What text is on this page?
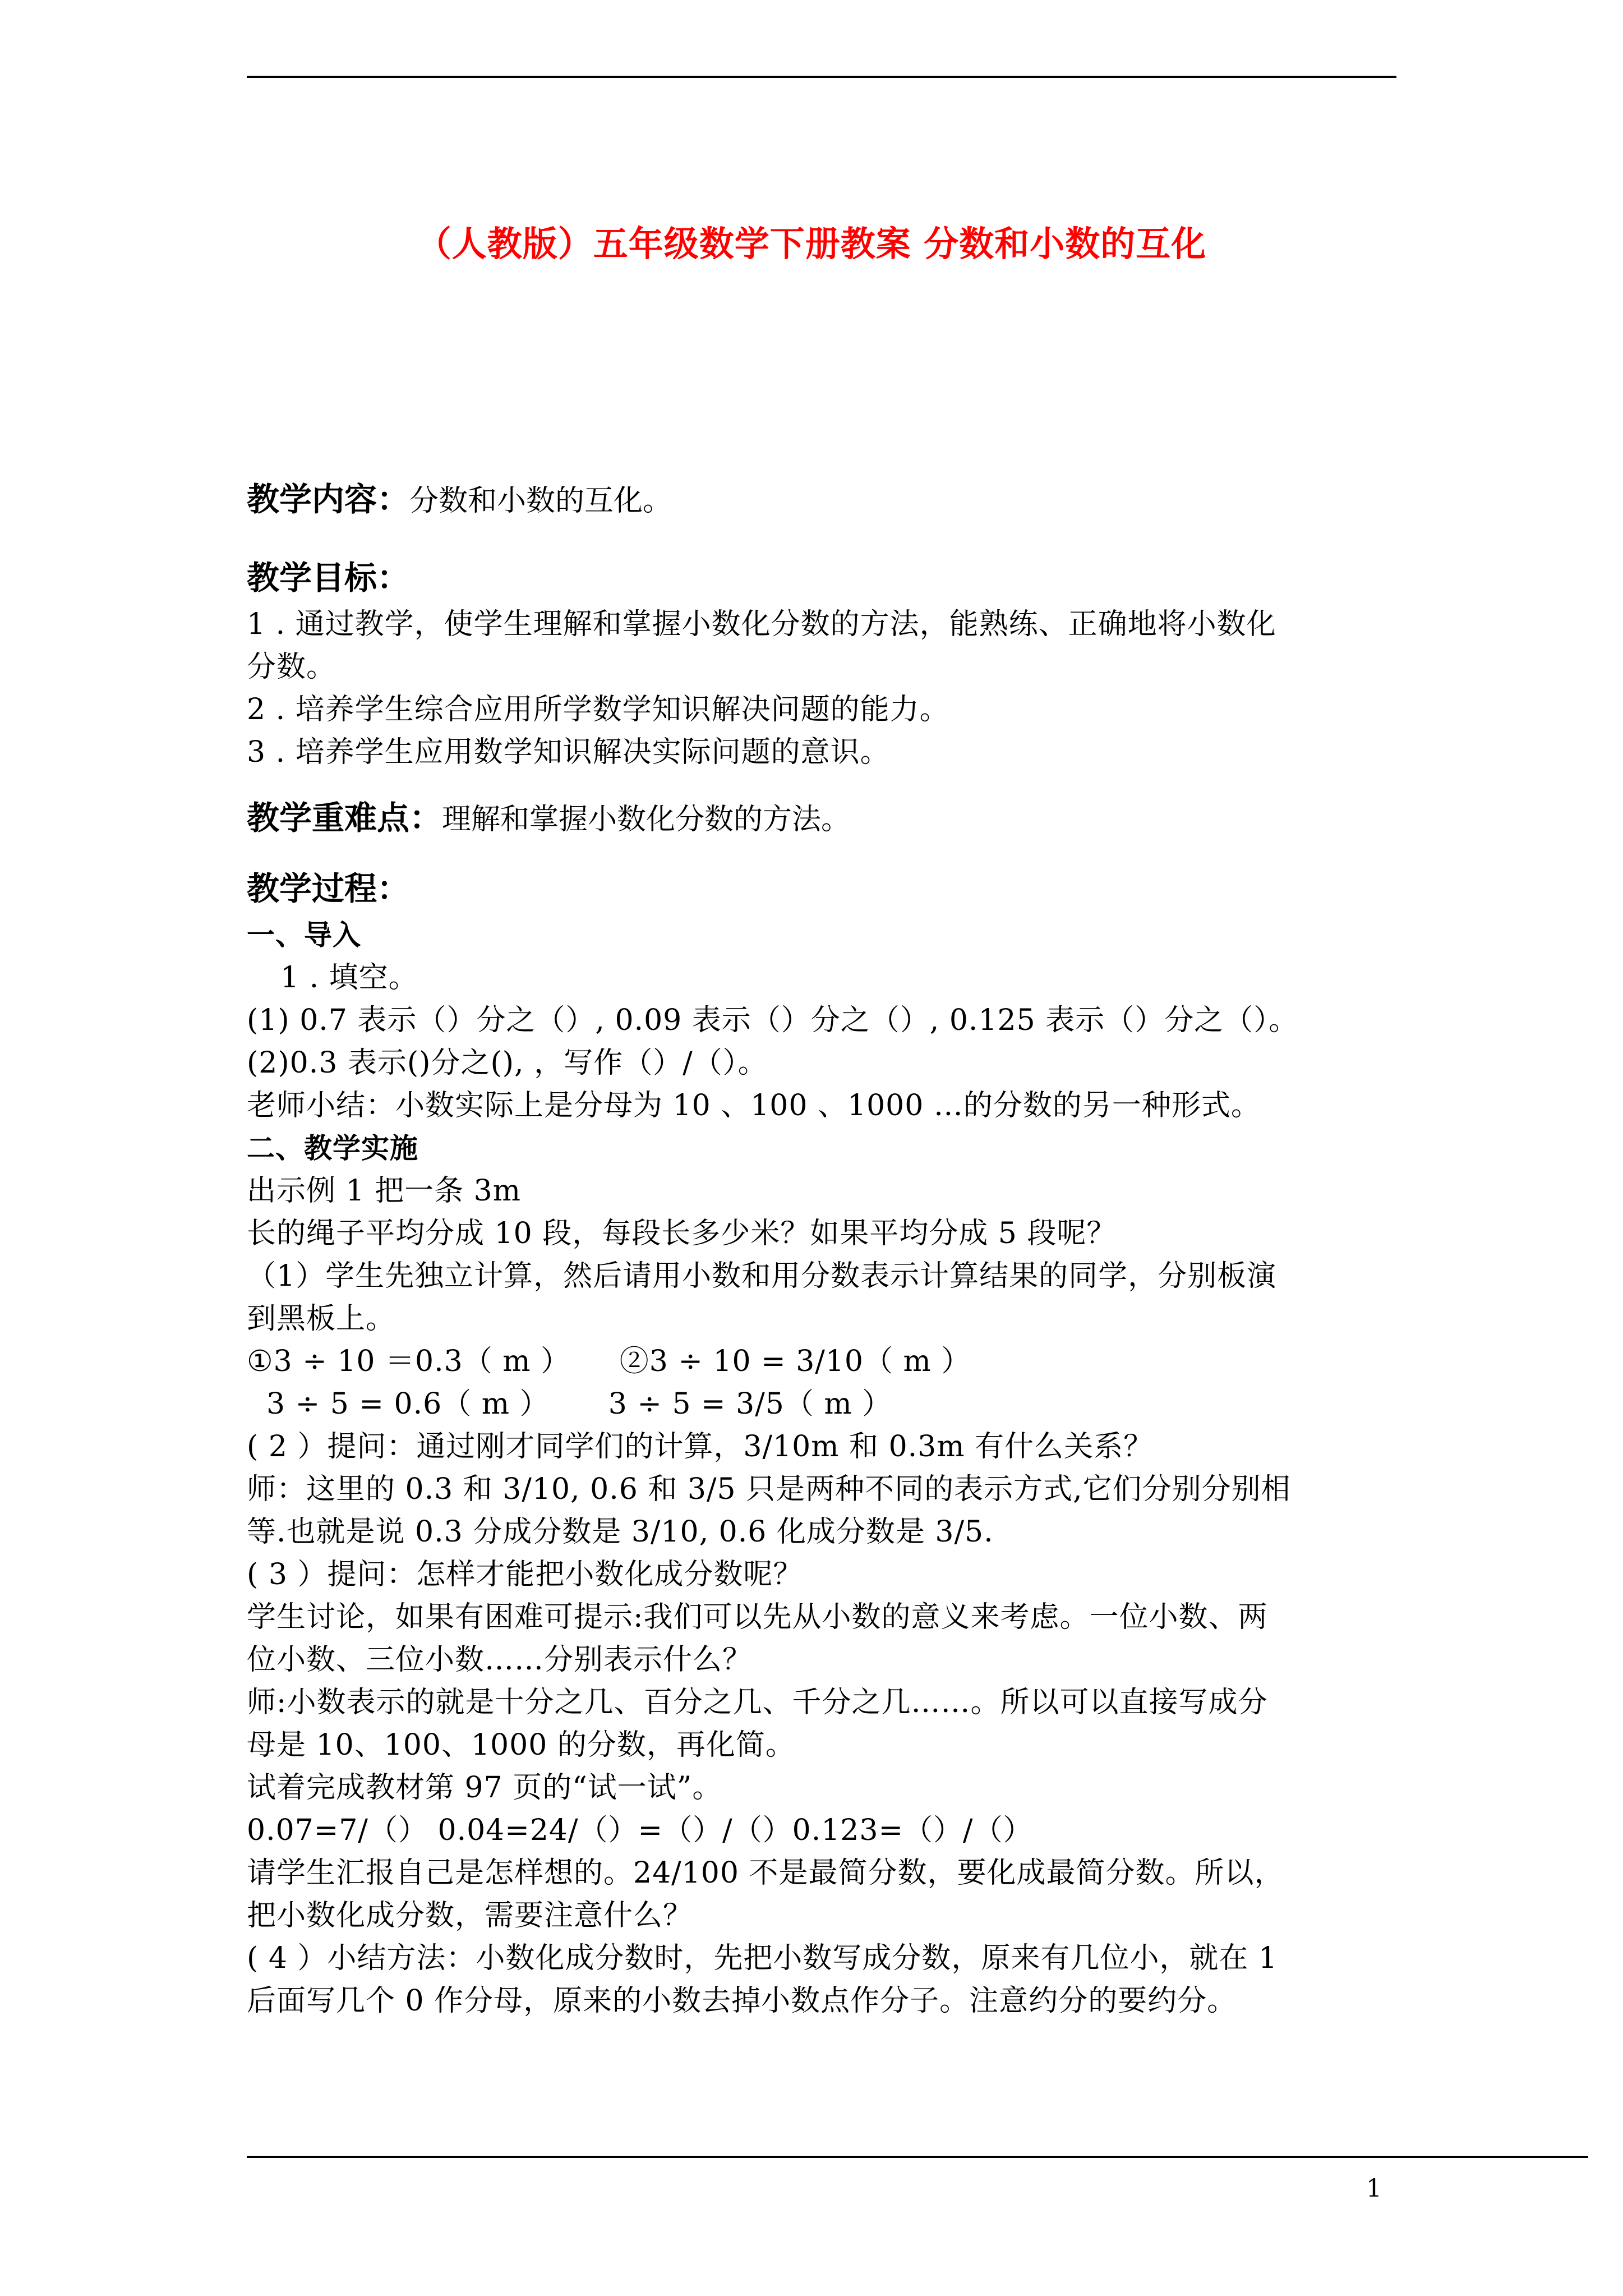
（人教版）五年级数学下册教案 分数和小数的互化
教学内容：分数和小数的互化。
教学目标：
1 . 通过教学，使学生理解和掌握小数化分数的方法，能熟练、正确地将小数化
分数。
2 . 培养学生综合应用所学数学知识解决问题的能力。
3 . 培养学生应用数学知识解决实际问题的意识。
教学重难点：理解和掌握小数化分数的方法。
教学过程：
一、导入
1 . 填空。
(1) 0.7 表示（）分之（）, 0.09 表示（）分之（）, 0.125 表示（）分之（）。
(2)0.3 表示()分之(), ，写作（）/（）。
老师小结：小数实际上是分母为 10 、100 、1000 …的分数的另一种形式。
二、教学实施
出示例 1 把一条 3m
长的绳子平均分成 10 段，每段长多少米？如果平均分成 5 段呢？
（1）学生先独立计算，然后请用小数和用分数表示计算结果的同学，分别板演
到黑板上。
①3 ÷ 10 ＝0.3（ m ）     ②3 ÷ 10 = 3/10（ m ）
3 ÷ 5 = 0.6（ m ）      3 ÷ 5 = 3/5（ m ）
( 2 ）提问：通过刚才同学们的计算，3/10m 和 0.3m 有什么关系？
师：这里的 0.3 和 3/10, 0.6 和 3/5 只是两种不同的表示方式,它们分别分别相
等.也就是说 0.3 分成分数是 3/10, 0.6 化成分数是 3/5.
( 3 ）提问：怎样才能把小数化成分数呢？
学生讨论，如果有困难可提示:我们可以先从小数的意义来考虑。一位小数、两
位小数、三位小数……分别表示什么？
师:小数表示的就是十分之几、百分之几、千分之几……。所以可以直接写成分
母是 10、100、1000 的分数，再化简。
试着完成教材第 97 页的“试一试”。
0.07=7/（） 0.04=24/（）=（）/（）0.123=（）/（）
请学生汇报自己是怎样想的。24/100 不是最简分数，要化成最简分数。所以，
把小数化成分数，需要注意什么？
( 4 ）小结方法：小数化成分数时，先把小数写成分数，原来有几位小，就在 1
后面写几个 0 作分母，原来的小数去掉小数点作分子。注意约分的要约分。
1
